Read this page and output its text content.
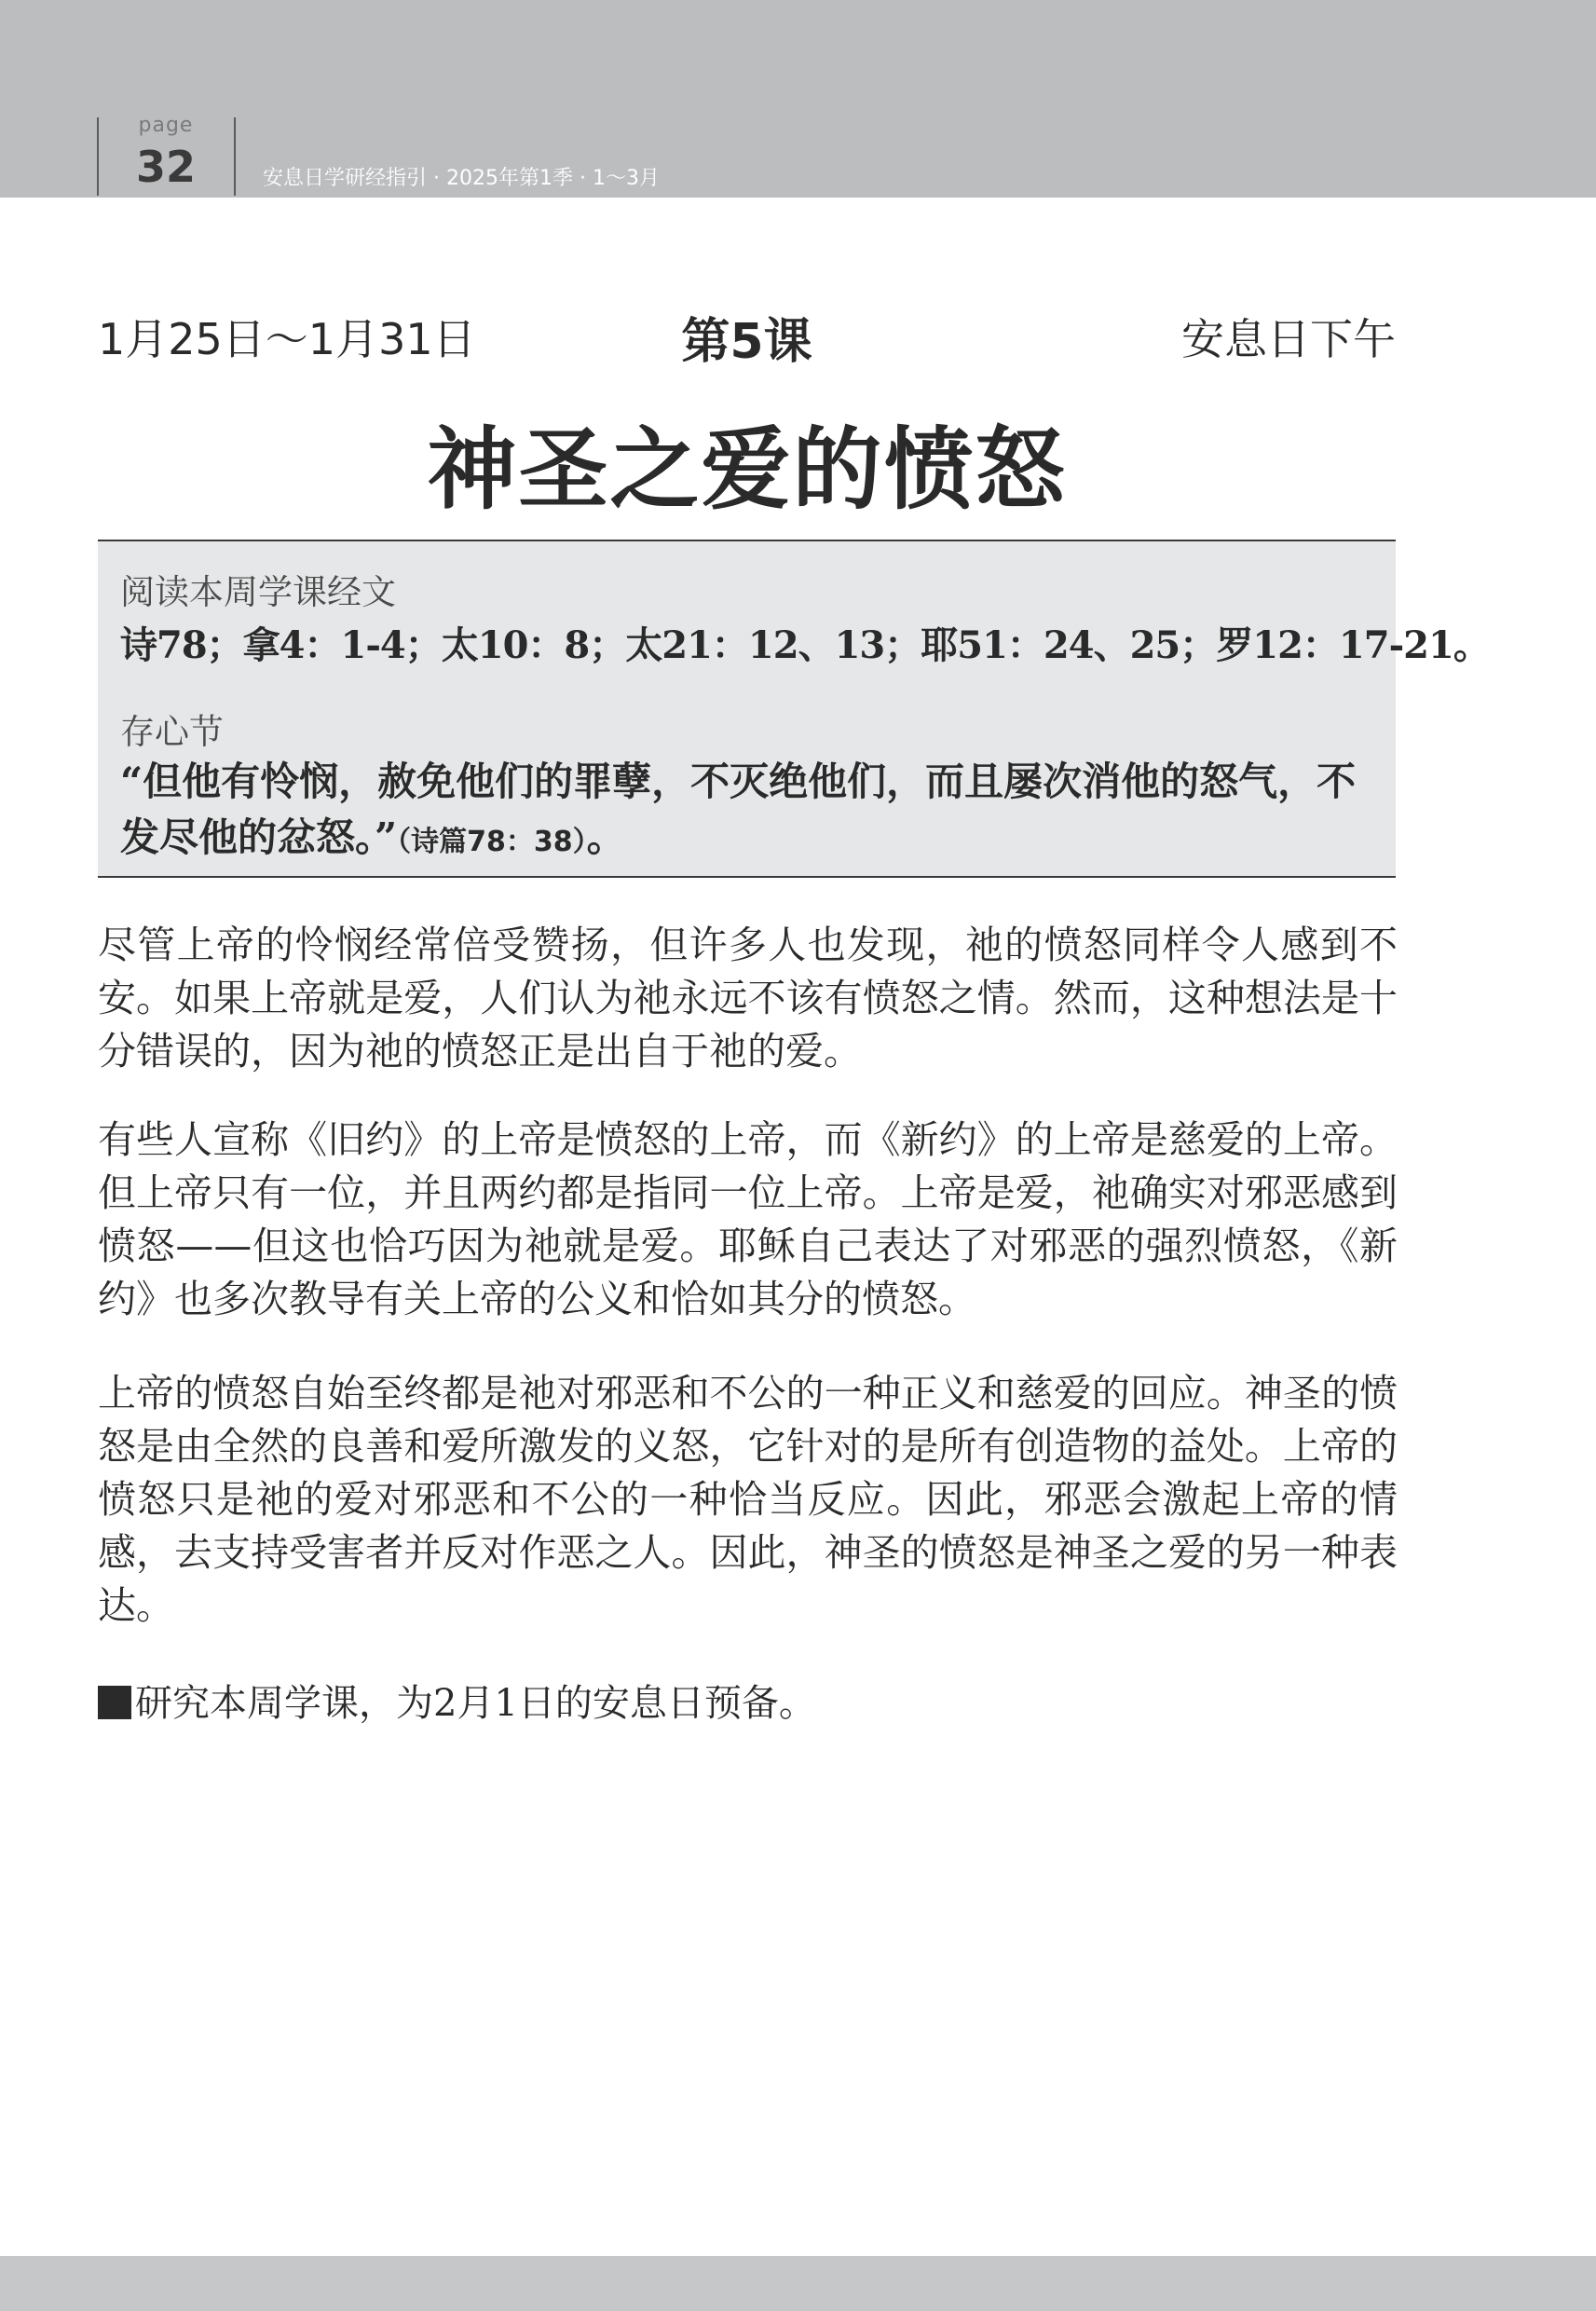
page
32	安息日学研经指引 · 2025年第1季 · 1～3月
1月25日～1月31日	第5课	安息日下午
神圣之爱的愤怒
阅读本周学课经文
诗78；拿4：1-4；太10：8；太21：12、13；耶51：24、25；罗12：17-21。
存心节
“但他有怜悯，赦免他们的罪孽，不灭绝他们，而且屡次消他的怒气，不发尽他的忿怒。”（诗篇78：38）。

尽管上帝的怜悯经常倍受赞扬，但许多人也发现，祂的愤怒同样令人感到不安。如果上帝就是爱，人们认为祂永远不该有愤怒之情。然而，这种想法是十分错误的，因为祂的愤怒正是出自于祂的爱。

有些人宣称《旧约》的上帝是愤怒的上帝，而《新约》的上帝是慈爱的上帝。但上帝只有一位，并且两约都是指同一位上帝。上帝是爱，祂确实对邪恶感到愤怒——但这也恰巧因为祂就是爱。耶稣自己表达了对邪恶的强烈愤怒，《新约》也多次教导有关上帝的公义和恰如其分的愤怒。

上帝的愤怒自始至终都是祂对邪恶和不公的一种正义和慈爱的回应。神圣的愤怒是由全然的良善和爱所激发的义怒，它针对的是所有创造物的益处。上帝的愤怒只是祂的爱对邪恶和不公的一种恰当反应。因此，邪恶会激起上帝的情感，去支持受害者并反对作恶之人。因此，神圣的愤怒是神圣之爱的另一种表达。

研究本周学课，为2月1日的安息日预备。
